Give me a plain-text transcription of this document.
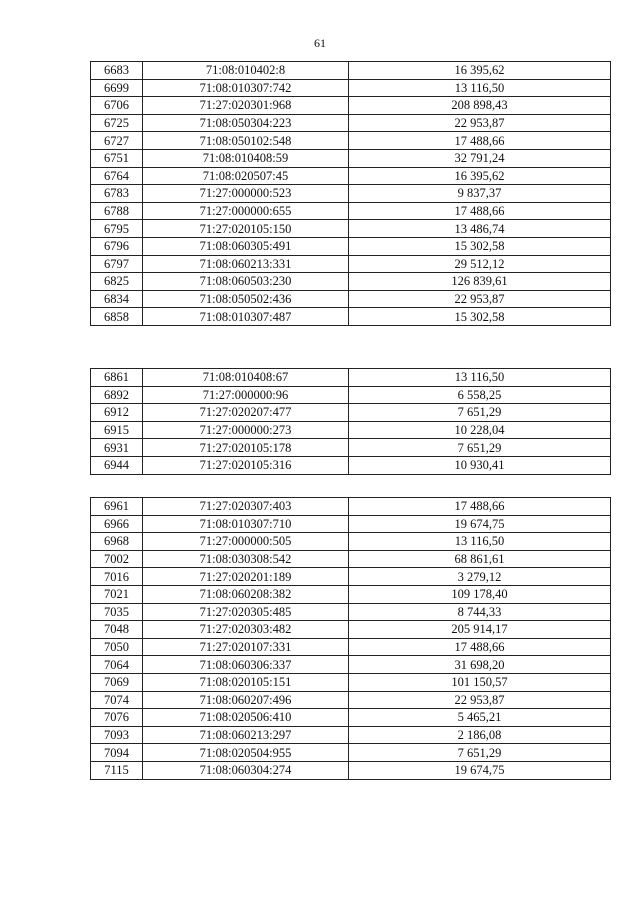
61
6683	71:08:010402:8	16 395,62
6699	71:08:010307:742	13 116,50
6706	71:27:020301:968	208 898,43
6725	71:08:050304:223	22 953,87
6727	71:08:050102:548	17 488,66
6751	71:08:010408:59	32 791,24
6764	71:08:020507:45	16 395,62
6783	71:27:000000:523	9 837,37
6788	71:27:000000:655	17 488,66
6795	71:27:020105:150	13 486,74
6796	71:08:060305:491	15 302,58
6797	71:08:060213:331	29 512,12
6825	71:08:060503:230	126 839,61
6834	71:08:050502:436	22 953,87
6858	71:08:010307:487	15 302,58
6861	71:08:010408:67	13 116,50
6892	71:27:000000:96	6 558,25
6912	71:27:020207:477	7 651,29
6915	71:27:000000:273	10 228,04
6931	71:27:020105:178	7 651,29
6944	71:27:020105:316	10 930,41
6961	71:27:020307:403	17 488,66
6966	71:08:010307:710	19 674,75
6968	71:27:000000:505	13 116,50
7002	71:08:030308:542	68 861,61
7016	71:27:020201:189	3 279,12
7021	71:08:060208:382	109 178,40
7035	71:27:020305:485	8 744,33
7048	71:27:020303:482	205 914,17
7050	71:27:020107:331	17 488,66
7064	71:08:060306:337	31 698,20
7069	71:08:020105:151	101 150,57
7074	71:08:060207:496	22 953,87
7076	71:08:020506:410	5 465,21
7093	71:08:060213:297	2 186,08
7094	71:08:020504:955	7 651,29
7115	71:08:060304:274	19 674,75
